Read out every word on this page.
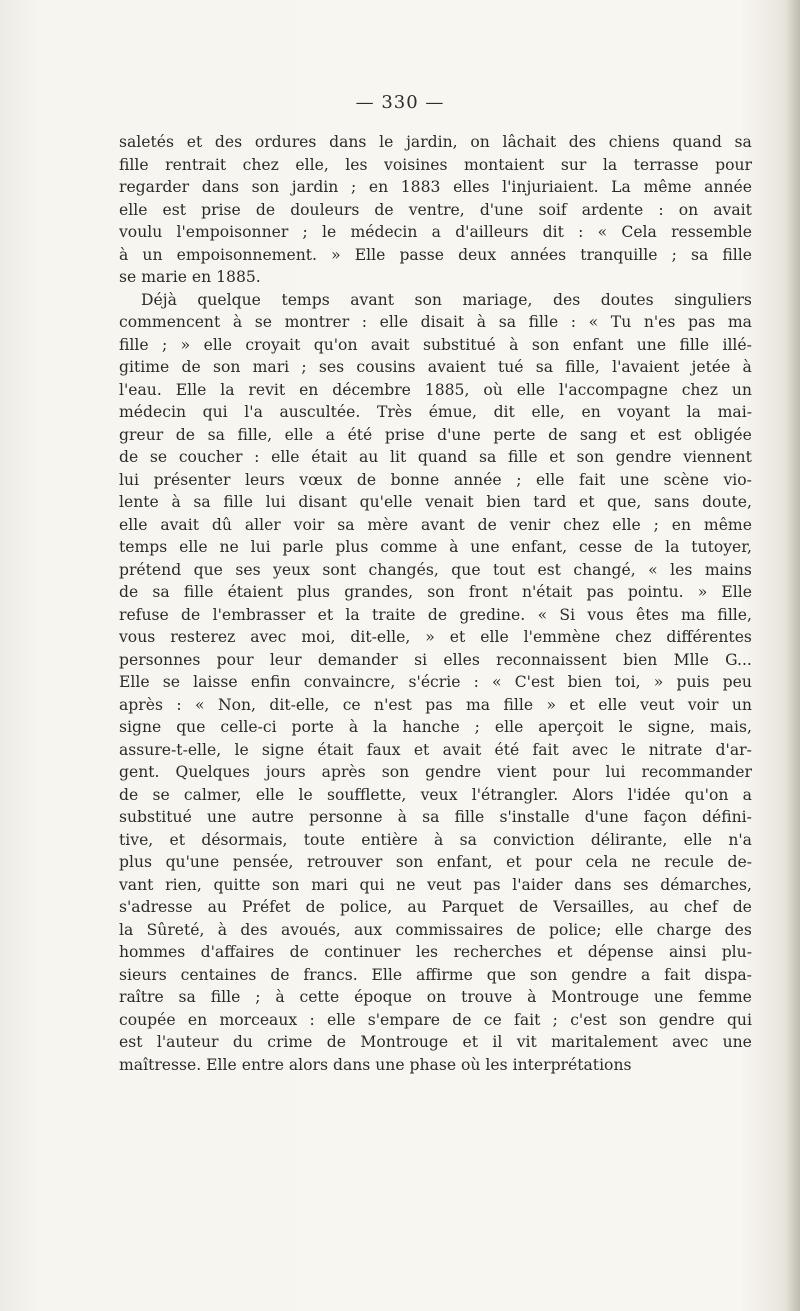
— 330 —
saletés et des ordures dans le jardin, on lâchait des chiens quand sa
fille rentrait chez elle, les voisines montaient sur la terrasse pour
regarder dans son jardin ; en 1883 elles l'injuriaient. La même année
elle est prise de douleurs de ventre, d'une soif ardente : on avait
voulu l'empoisonner ; le médecin a d'ailleurs dit : « Cela ressemble
à un empoisonnement. » Elle passe deux années tranquille ; sa fille
se marie en 1885.
Déjà quelque temps avant son mariage, des doutes singuliers
commencent à se montrer : elle disait à sa fille : « Tu n'es pas ma
fille ; » elle croyait qu'on avait substitué à son enfant une fille illé-
gitime de son mari ; ses cousins avaient tué sa fille, l'avaient jetée à
l'eau. Elle la revit en décembre 1885, où elle l'accompagne chez un
médecin qui l'a auscultée. Très émue, dit elle, en voyant la mai-
greur de sa fille, elle a été prise d'une perte de sang et est obligée
de se coucher : elle était au lit quand sa fille et son gendre viennent
lui présenter leurs vœux de bonne année ; elle fait une scène vio-
lente à sa fille lui disant qu'elle venait bien tard et que, sans doute,
elle avait dû aller voir sa mère avant de venir chez elle ; en même
temps elle ne lui parle plus comme à une enfant, cesse de la tutoyer,
prétend que ses yeux sont changés, que tout est changé, « les mains
de sa fille étaient plus grandes, son front n'était pas pointu. » Elle
refuse de l'embrasser et la traite de gredine. « Si vous êtes ma fille,
vous resterez avec moi, dit-elle, » et elle l'emmène chez différentes
personnes pour leur demander si elles reconnaissent bien Mlle G...
Elle se laisse enfin convaincre, s'écrie : « C'est bien toi, » puis peu
après : « Non, dit-elle, ce n'est pas ma fille » et elle veut voir un
signe que celle-ci porte à la hanche ; elle aperçoit le signe, mais,
assure-t-elle, le signe était faux et avait été fait avec le nitrate d'ar-
gent. Quelques jours après son gendre vient pour lui recommander
de se calmer, elle le soufflette, veux l'étrangler. Alors l'idée qu'on a
substitué une autre personne à sa fille s'installe d'une façon défini-
tive, et désormais, toute entière à sa conviction délirante, elle n'a
plus qu'une pensée, retrouver son enfant, et pour cela ne recule de-
vant rien, quitte son mari qui ne veut pas l'aider dans ses démarches,
s'adresse au Préfet de police, au Parquet de Versailles, au chef de
la Sûreté, à des avoués, aux commissaires de police; elle charge des
hommes d'affaires de continuer les recherches et dépense ainsi plu-
sieurs centaines de francs. Elle affirme que son gendre a fait dispa-
raître sa fille ; à cette époque on trouve à Montrouge une femme
coupée en morceaux : elle s'empare de ce fait ; c'est son gendre qui
est l'auteur du crime de Montrouge et il vit maritalement avec une
maîtresse. Elle entre alors dans une phase où les interprétations
